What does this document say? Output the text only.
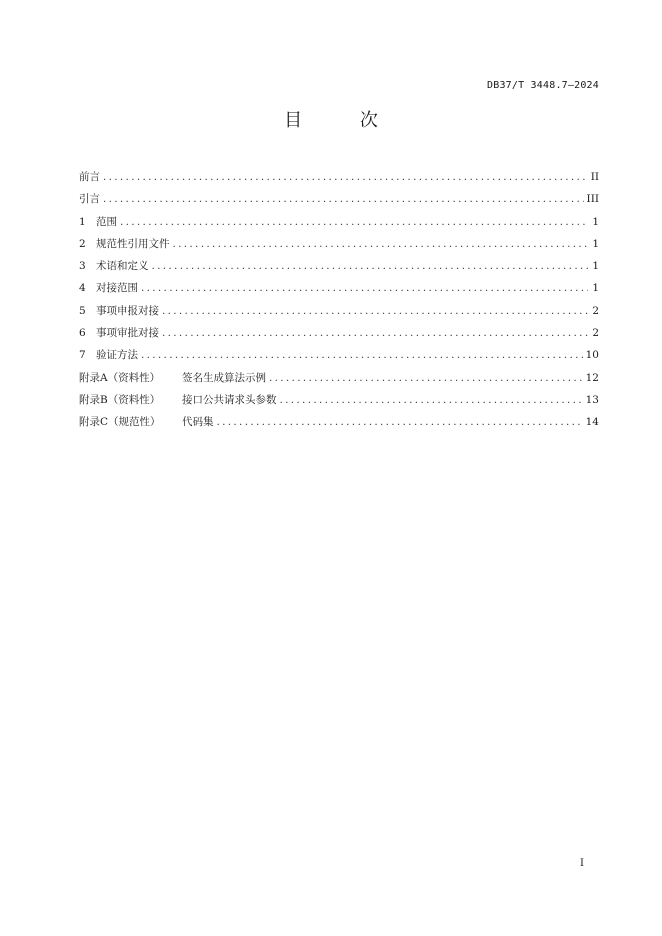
DB37/T 3448.7—2024
目 次
前言 .....	II
引言 .....	III
1 范围 .....	1
2 规范性引用文件 .....	1
3 术语和定义 .....	1
4 对接范围 .....	1
5 事项申报对接 .....	2
6 事项审批对接 .....	2
7 验证方法 .....	10
附录A（资料性）	签名生成算法示例 .....	12
附录B（资料性）	接口公共请求头参数 .....	13
附录C（规范性）	代码集 .....	14
I
